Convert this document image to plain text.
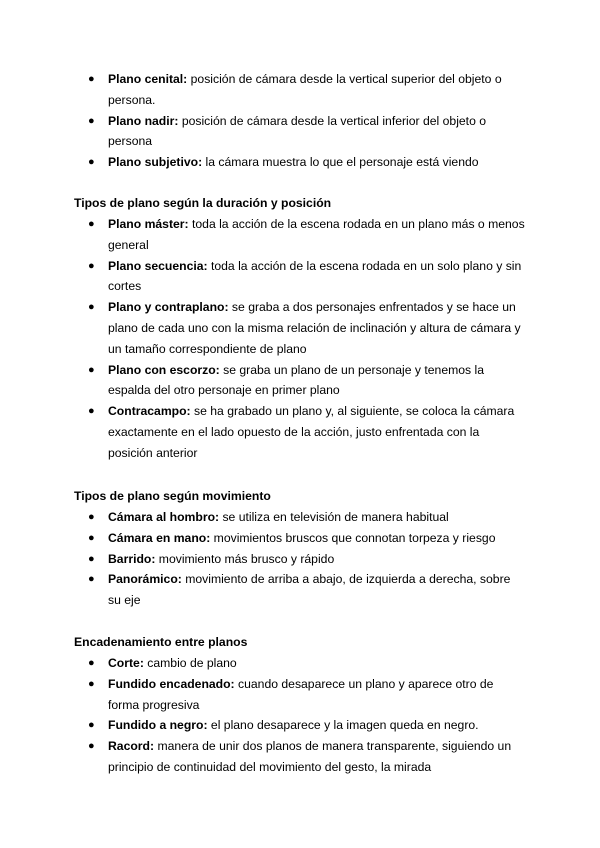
● Plano cenital: posición de cámara desde la vertical superior del objeto o persona.
● Plano nadir: posición de cámara desde la vertical inferior del objeto o persona
● Plano subjetivo: la cámara muestra lo que el personaje está viendo
Tipos de plano según la duración y posición
● Plano máster: toda la acción de la escena rodada en un plano más o menos general
● Plano secuencia: toda la acción de la escena rodada en un solo plano y sin cortes
● Plano y contraplano: se graba a dos personajes enfrentados y se hace un plano de cada uno con la misma relación de inclinación y altura de cámara y un tamaño correspondiente de plano
● Plano con escorzo: se graba un plano de un personaje y tenemos la espalda del otro personaje en primer plano
● Contracampo: se ha grabado un plano y, al siguiente, se coloca la cámara exactamente en el lado opuesto de la acción, justo enfrentada con la posición anterior
Tipos de plano según movimiento
● Cámara al hombro: se utiliza en televisión de manera habitual
● Cámara en mano: movimientos bruscos que connotan torpeza y riesgo
● Barrido: movimiento más brusco y rápido
● Panorámico: movimiento de arriba a abajo, de izquierda a derecha, sobre su eje
Encadenamiento entre planos
● Corte: cambio de plano
● Fundido encadenado: cuando desaparece un plano y aparece otro de forma progresiva
● Fundido a negro: el plano desaparece y la imagen queda en negro.
● Racord: manera de unir dos planos de manera transparente, siguiendo un principio de continuidad del movimiento del gesto, la mirada
